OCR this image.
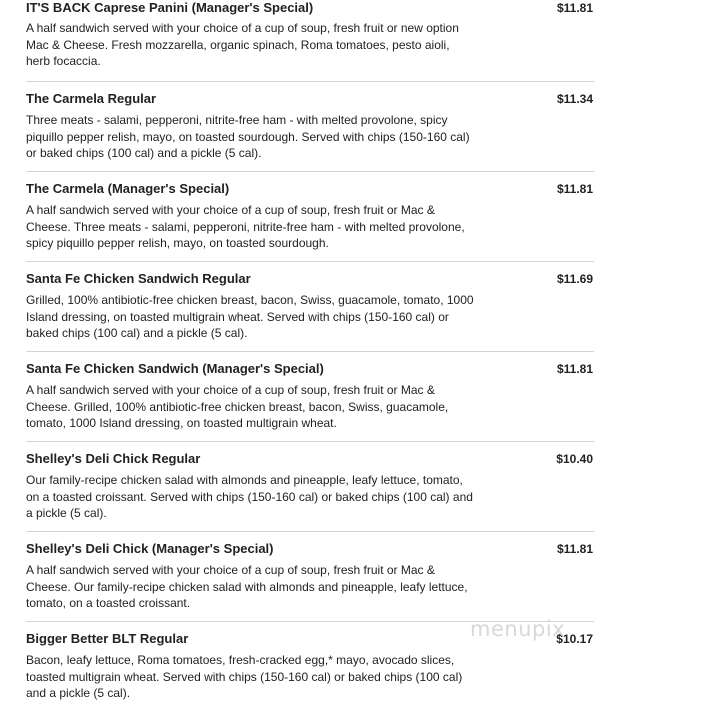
IT'S BACK Caprese Panini (Manager's Special)	$11.81
A half sandwich served with your choice of a cup of soup, fresh fruit or new option Mac & Cheese. Fresh mozzarella, organic spinach, Roma tomatoes, pesto aioli, herb focaccia.
The Carmela Regular	$11.34
Three meats - salami, pepperoni, nitrite-free ham - with melted provolone, spicy piquillo pepper relish, mayo, on toasted sourdough. Served with chips (150-160 cal) or baked chips (100 cal) and a pickle (5 cal).
The Carmela (Manager's Special)	$11.81
A half sandwich served with your choice of a cup of soup, fresh fruit or Mac & Cheese. Three meats - salami, pepperoni, nitrite-free ham - with melted provolone, spicy piquillo pepper relish, mayo, on toasted sourdough.
Santa Fe Chicken Sandwich Regular	$11.69
Grilled, 100% antibiotic-free chicken breast, bacon, Swiss, guacamole, tomato, 1000 Island dressing, on toasted multigrain wheat. Served with chips (150-160 cal) or baked chips (100 cal) and a pickle (5 cal).
Santa Fe Chicken Sandwich (Manager's Special)	$11.81
A half sandwich served with your choice of a cup of soup, fresh fruit or Mac & Cheese. Grilled, 100% antibiotic-free chicken breast, bacon, Swiss, guacamole, tomato, 1000 Island dressing, on toasted multigrain wheat.
Shelley's Deli Chick Regular	$10.40
Our family-recipe chicken salad with almonds and pineapple, leafy lettuce, tomato, on a toasted croissant. Served with chips (150-160 cal) or baked chips (100 cal) and a pickle (5 cal).
Shelley's Deli Chick (Manager's Special)	$11.81
A half sandwich served with your choice of a cup of soup, fresh fruit or Mac & Cheese. Our family-recipe chicken salad with almonds and pineapple, leafy lettuce, tomato, on a toasted croissant.
Bigger Better BLT Regular	$10.17
Bacon, leafy lettuce, Roma tomatoes, fresh-cracked egg,* mayo, avocado slices, toasted multigrain wheat. Served with chips (150-160 cal) or baked chips (100 cal) and a pickle (5 cal).
menupix
